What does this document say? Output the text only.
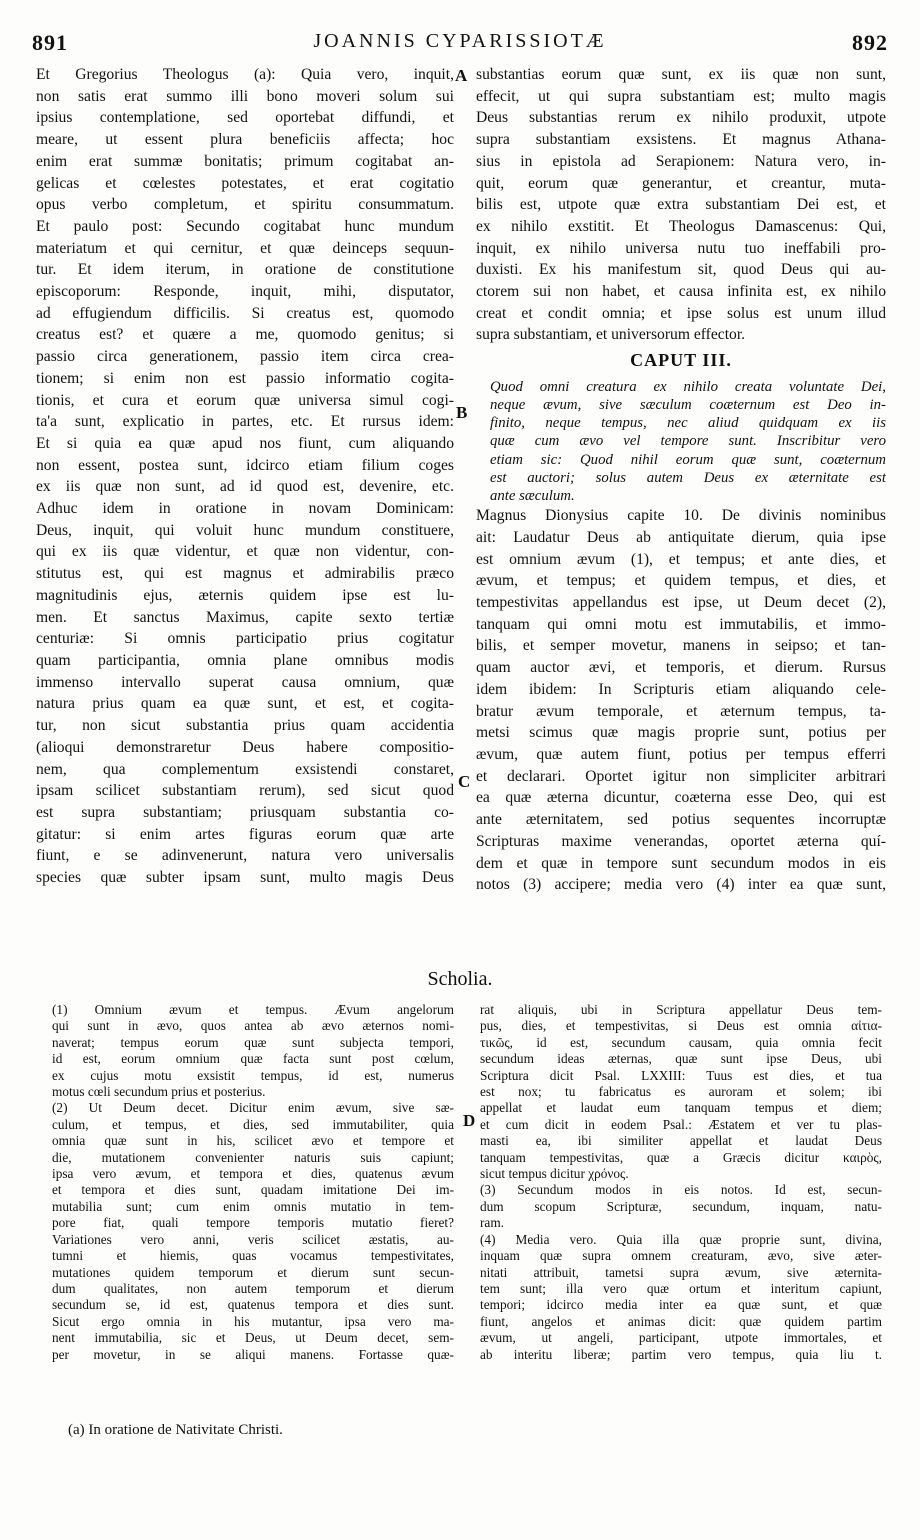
891	JOANNIS CYPARISSIOTÆ	892
A
B
C
D
Et Gregorius Theologus (a): Quia vero, inquit,
non satis erat summo illi bono moveri solum sui
ipsius contemplatione, sed oportebat diffundi, et
meare, ut essent plura beneficiis affecta; hoc
enim erat summæ bonitatis; primum cogitabat an-
gelicas et cœlestes potestates, et erat cogitatio
opus verbo completum, et spiritu consummatum.
Et paulo post: Secundo cogitabat hunc mundum
materiatum et qui cernitur, et quæ deinceps sequun-
tur. Et idem iterum, in oratione de constitutione
episcoporum: Responde, inquit, mihi, disputator,
ad effugiendum difficilis. Si creatus est, quomodo
creatus est? et quære a me, quomodo genitus; si
passio circa generationem, passio item circa crea-
tionem; si enim non est passio informatio cogita-
tionis, et cura et eorum quæ universa simul cogi-
ta'a sunt, explicatio in partes, etc. Et rursus idem:
Et si quia ea quæ apud nos fiunt, cum aliquando
non essent, postea sunt, idcirco etiam filium coges
ex iis quæ non sunt, ad id quod est, devenire, etc.
Adhuc idem in oratione in novam Dominicam:
Deus, inquit, qui voluit hunc mundum constituere,
qui ex iis quæ videntur, et quæ non videntur, con-
stitutus est, qui est magnus et admirabilis præco
magnitudinis ejus, æternis quidem ipse est lu-
men. Et sanctus Maximus, capite sexto tertiæ
centuriæ: Si omnis participatio prius cogitatur
quam participantia, omnia plane omnibus modis
immenso intervallo superat causa omnium, quæ
natura prius quam ea quæ sunt, et est, et cogita-
tur, non sicut substantia prius quam accidentia
(alioqui demonstraretur Deus habere compositio-
nem, qua complementum exsistendi constaret,
ipsam scilicet substantiam rerum), sed sicut quod
est supra substantiam; priusquam substantia co-
gitatur: si enim artes figuras eorum quæ arte
fiunt, e se adinvenerunt, natura vero universalis
species quæ subter ipsam sunt, multo magis Deus
substantias eorum quæ sunt, ex iis quæ non sunt,
effecit, ut qui supra substantiam est; multo magis
Deus substantias rerum ex nihilo produxit, utpote
supra substantiam exsistens. Et magnus Athana-
sius in epistola ad Serapionem: Natura vero, in-
quit, eorum quæ generantur, et creantur, muta-
bilis est, utpote quæ extra substantiam Dei est, et
ex nihilo exstitit. Et Theologus Damascenus: Qui,
inquit, ex nihilo universa nutu tuo ineffabili pro-
duxisti. Ex his manifestum sit, quod Deus qui au-
ctorem sui non habet, et causa infinita est, ex nihilo
creat et condit omnia; et ipse solus est unum illud
supra substantiam, et universorum effector.
CAPUT III.
Quod omni creatura ex nihilo creata voluntate Dei,
neque ævum, sive sæculum coæternum est Deo in-
finito, neque tempus, nec aliud quidquam ex iis
quæ cum ævo vel tempore sunt. Inscribitur vero
etiam sic: Quod nihil eorum quæ sunt, coæternum
est auctori; solus autem Deus ex æternitate est
ante sæculum.
Magnus Dionysius capite 10. De divinis nominibus
ait: Laudatur Deus ab antiquitate dierum, quia ipse
est omnium ævum (1), et tempus; et ante dies, et
ævum, et tempus; et quidem tempus, et dies, et
tempestivitas appellandus est ipse, ut Deum decet (2),
tanquam qui omni motu est immutabilis, et immo-
bilis, et semper movetur, manens in seipso; et tan-
quam auctor ævi, et temporis, et dierum. Rursus
idem ibidem: In Scripturis etiam aliquando cele-
bratur ævum temporale, et æternum tempus, ta-
metsi scimus quæ magis proprie sunt, potius per
ævum, quæ autem fiunt, potius per tempus efferri
et declarari. Oportet igitur non simpliciter arbitrari
ea quæ æterna dicuntur, coæterna esse Deo, qui est
ante æternitatem, sed potius sequentes incorruptæ
Scripturas maxime venerandas, oportet æterna quí-
dem et quæ in tempore sunt secundum modos in eis
notos (3) accipere; media vero (4) inter ea quæ sunt,
Scholia.
(1) Omnium ævum et tempus. Ævum angelorum
qui sunt in ævo, quos antea ab ævo æternos nomi-
naverat; tempus eorum quæ sunt subjecta tempori,
id est, eorum omnium quæ facta sunt post cœlum,
ex cujus motu exsistit tempus, id est, numerus
motus cœli secundum prius et posterius.
(2) Ut Deum decet. Dicitur enim ævum, sive sæ-
culum, et tempus, et dies, sed immutabiliter, quia
omnia quæ sunt in his, scilicet ævo et tempore et
die, mutationem convenienter naturis suis capiunt;
ipsa vero ævum, et tempora et dies, quatenus ævum
et tempora et dies sunt, quadam imitatione Dei im-
mutabilia sunt; cum enim omnis mutatio in tem-
pore fiat, quali tempore temporis mutatio fieret?
Variationes vero anni, veris scilicet æstatis, au-
tumni et hiemis, quas vocamus tempestivitates,
mutationes quidem temporum et dierum sunt secun-
dum qualitates, non autem temporum et dierum
secundum se, id est, quatenus tempora et dies sunt.
Sicut ergo omnia in his mutantur, ipsa vero ma-
nent immutabilia, sic et Deus, ut Deum decet, sem-
per movetur, in se aliqui manens. Fortasse quæ-
rat aliquis, ubi in Scriptura appellatur Deus tem-
pus, dies, et tempestivitas, si Deus est omnia αἰτια-
τικῶς, id est, secundum causam, quia omnia fecit
secundum ideas æternas, quæ sunt ipse Deus, ubi
Scriptura dicit Psal. LXXIII: Tuus est dies, et tua
est nox; tu fabricatus es auroram et solem; ibi
appellat et laudat eum tanquam tempus et diem;
et cum dicit in eodem Psal.: Æstatem et ver tu plas-
masti ea, ibi similiter appellat et laudat Deus
tanquam tempestivitas, quæ a Græcis dicitur καιρὸς,
sicut tempus dicitur χρόνος.
(3) Secundum modos in eis notos. Id est, secun-
dum scopum Scripturæ, secundum, inquam, natu-
ram.
(4) Media vero. Quia illa quæ proprie sunt, divina,
inquam quæ supra omnem creaturam, ævo, sive æter-
nitati attribuit, tametsi supra ævum, sive æternita-
tem sunt; illa vero quæ ortum et interitum capiunt,
tempori; idcirco media inter ea quæ sunt, et quæ
fiunt, angelos et animas dicit: quæ quidem partim
ævum, ut angeli, participant, utpote immortales, et
ab interitu liberæ; partim vero tempus, quia liu t.
(a) In oratione de Nativitate Christi.
